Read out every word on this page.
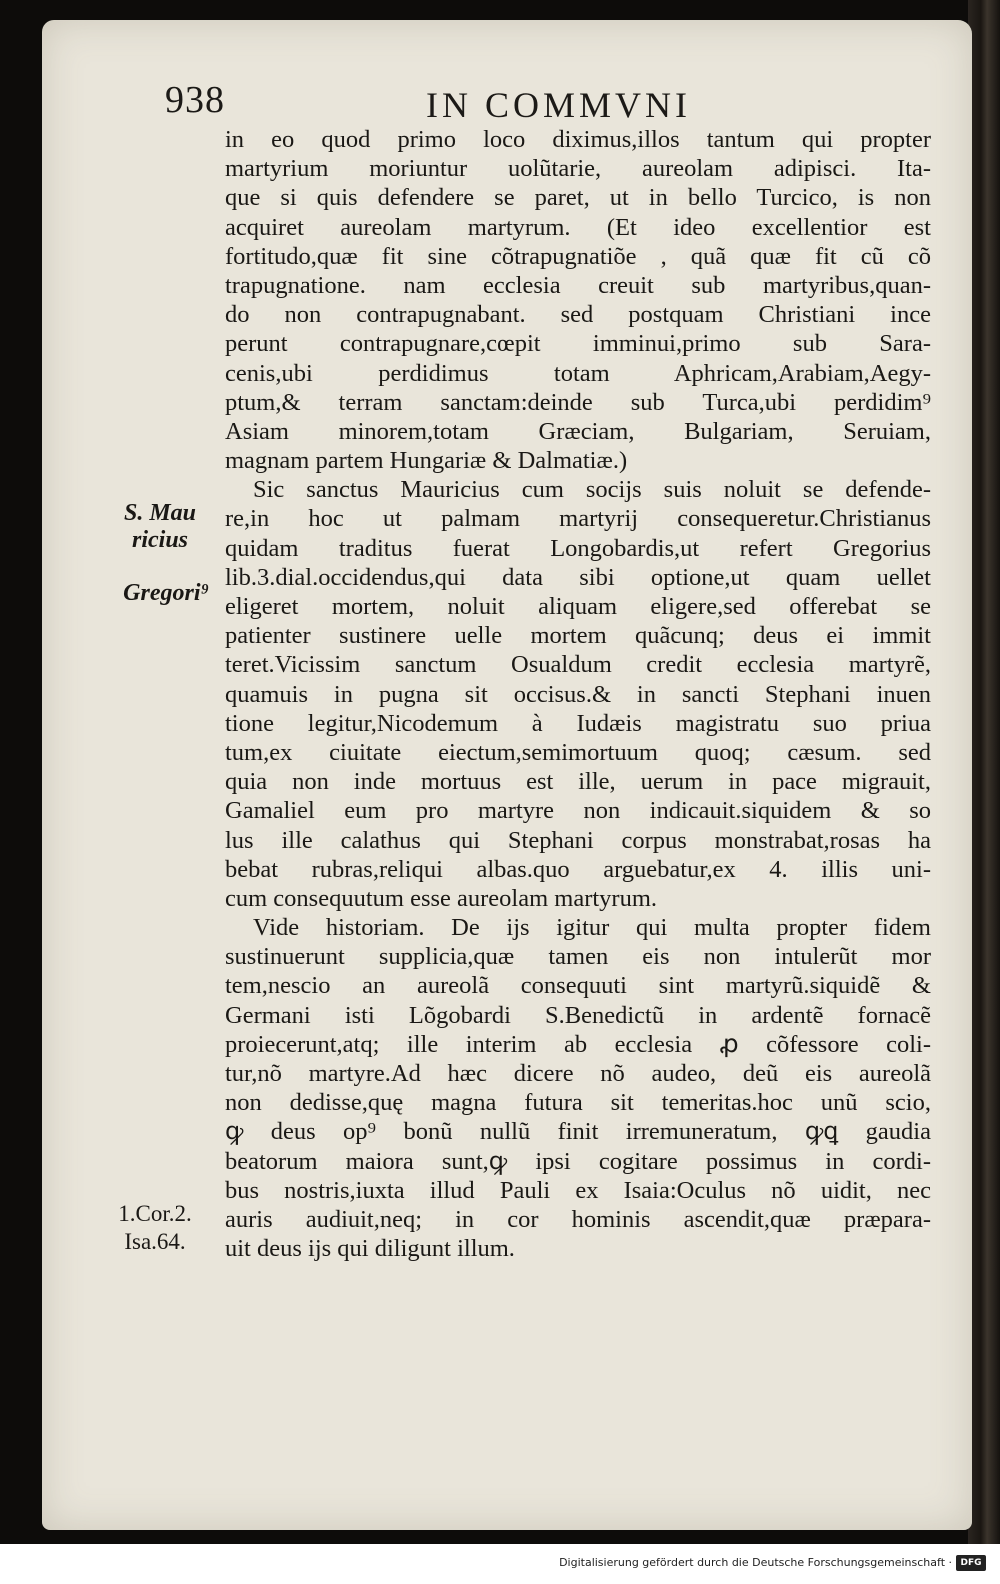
938	IN COMMVNI
S. Mau
ricius
Gregori⁹
1.Cor.2.
Isa.64.
in eo quod primo loco diximus,illos tantum qui propter
martyrium moriuntur uolũtarie, aureolam adipisci. Ita-
que si quis defendere se paret, ut in bello Turcico, is non
acquiret aureolam martyrum. (Et ideo excellentior est
fortitudo,quæ fit sine cõtrapugnatiõe , quã quæ fit cũ cõ
trapugnatione. nam ecclesia creuit sub martyribus,quan-
do non contrapugnabant. sed postquam Christiani ince
perunt contrapugnare,cœpit imminui,primo sub Sara-
cenis,ubi perdidimus totam Aphricam,Arabiam,Aegy-
ptum,& terram sanctam:deinde sub Turca,ubi perdidim⁹
Asiam minorem,totam Græciam, Bulgariam, Seruiam,
magnam partem Hungariæ & Dalmatiæ.)
Sic sanctus Mauricius cum socijs suis noluit se defende-
re,in hoc ut palmam martyrij consequeretur.Christianus
quidam traditus fuerat Longobardis,ut refert Gregorius
lib.3.dial.occidendus,qui data sibi optione,ut quam uellet
eligeret mortem, noluit aliquam eligere,sed offerebat se
patienter sustinere uelle mortem quãcunq; deus ei immit
teret.Vicissim sanctum Osualdum credit ecclesia martyrẽ,
quamuis in pugna sit occisus.& in sancti Stephani inuen
tione legitur,Nicodemum à Iudæis magistratu suo priua
tum,ex ciuitate eiectum,semimortuum quoq; cæsum. sed
quia non inde mortuus est ille, uerum in pace migrauit,
Gamaliel eum pro martyre non indicauit.siquidem & so
lus ille calathus qui Stephani corpus monstrabat,rosas ha
bebat rubras,reliqui albas.quo arguebatur,ex 4. illis uni-
cum consequutum esse aureolam martyrum.
Vide historiam. De ijs igitur qui multa propter fidem
sustinuerunt supplicia,quæ tamen eis non intulerũt mor
tem,nescio an aureolã consequuti sint martyrũ.siquidẽ &
Germani isti Lõgobardi S.Benedictũ in ardentẽ fornacẽ
proiecerunt,atq; ille interim ab ecclesia ꝓ cõfessore coli-
tur,nõ martyre.Ad hæc dicere nõ audeo, deũ eis aureolã
non dedisse,quę magna futura sit temeritas.hoc unũ scio,
ꝙ deus op⁹ bonũ nullũ finit irremuneratum, ꝙꝗ gaudia
beatorum maiora sunt,ꝙ ipsi cogitare possimus in cordi-
bus nostris,iuxta illud Pauli ex Isaia:Oculus nõ uidit, nec
auris audiuit,neq; in cor hominis ascendit,quæ præpara-
uit deus ijs qui diligunt illum.
Digitalisierung gefördert durch die Deutsche Forschungsgemeinschaft · DFG
